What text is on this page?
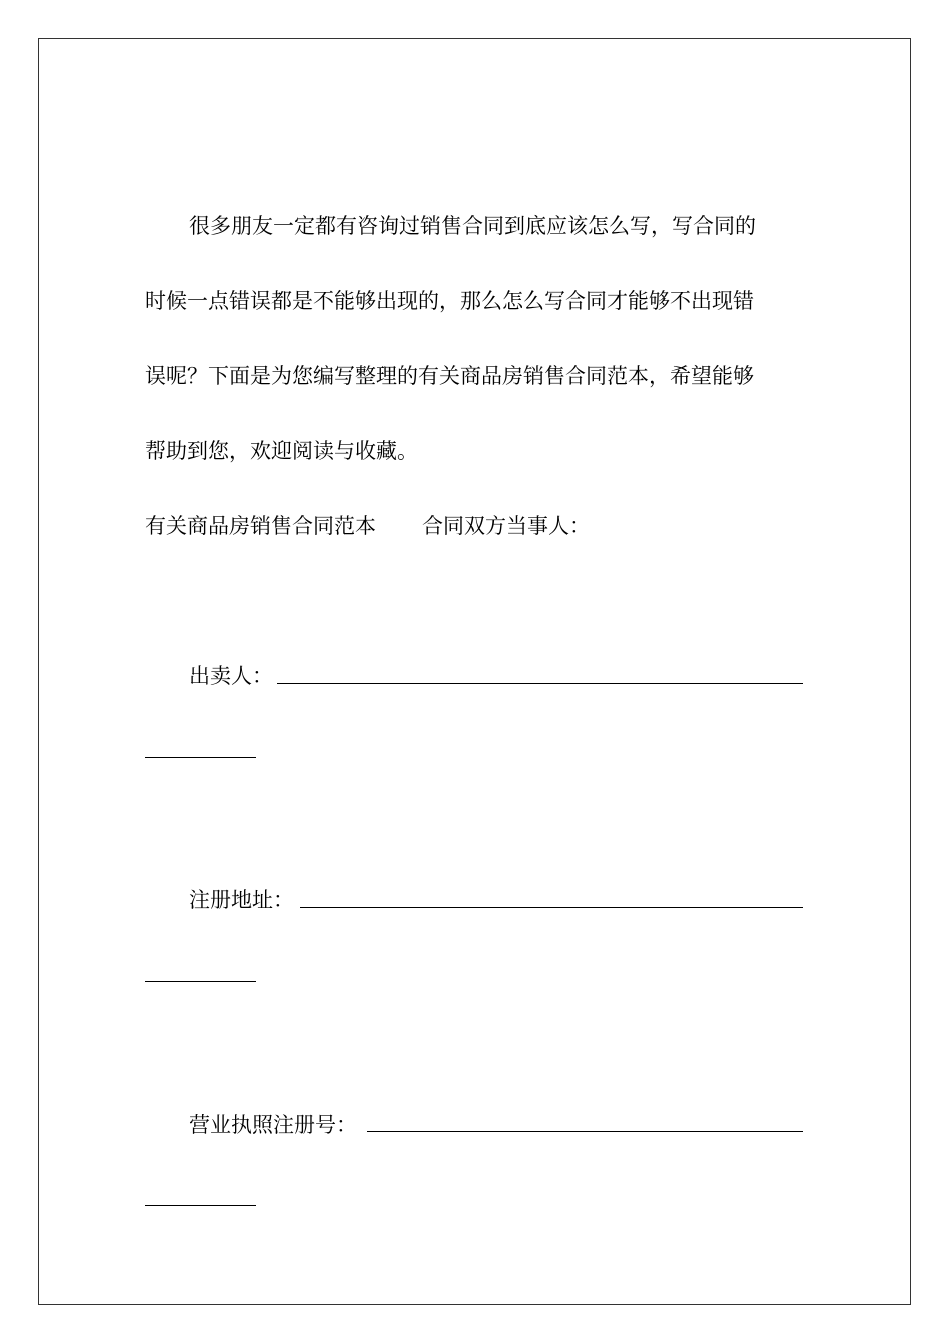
很多朋友一定都有咨询过销售合同到底应该怎么写，写合同的
时候一点错误都是不能够出现的，那么怎么写合同才能够不出现错
误呢？下面是为您编写整理的有关商品房销售合同范本，希望能够
帮助到您，欢迎阅读与收藏。
有关商品房销售合同范本 合同双方当事人：
出卖人：
注册地址：
营业执照注册号：
